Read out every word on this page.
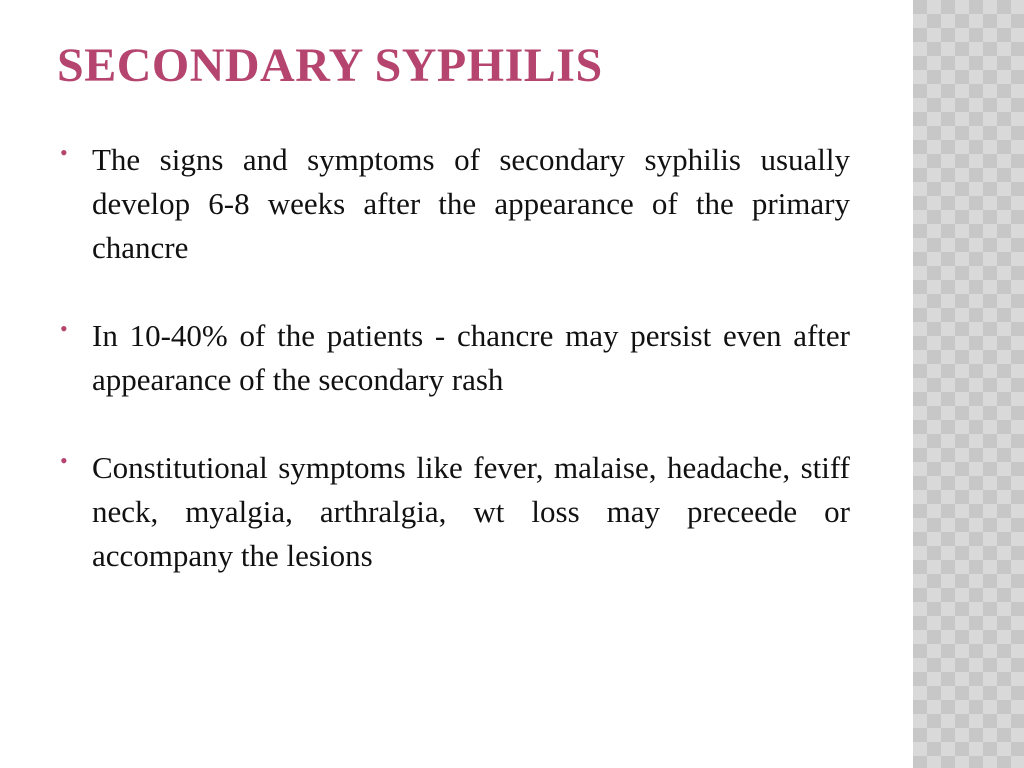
SECONDARY SYPHILIS
• The signs and symptoms of secondary syphilis usually develop 6-8 weeks after the appearance of the primary chancre
• In 10-40% of the patients - chancre may persist even after appearance of the secondary rash
• Constitutional symptoms like fever, malaise, headache, stiff neck, myalgia, arthralgia, wt loss may preceede or accompany the lesions
